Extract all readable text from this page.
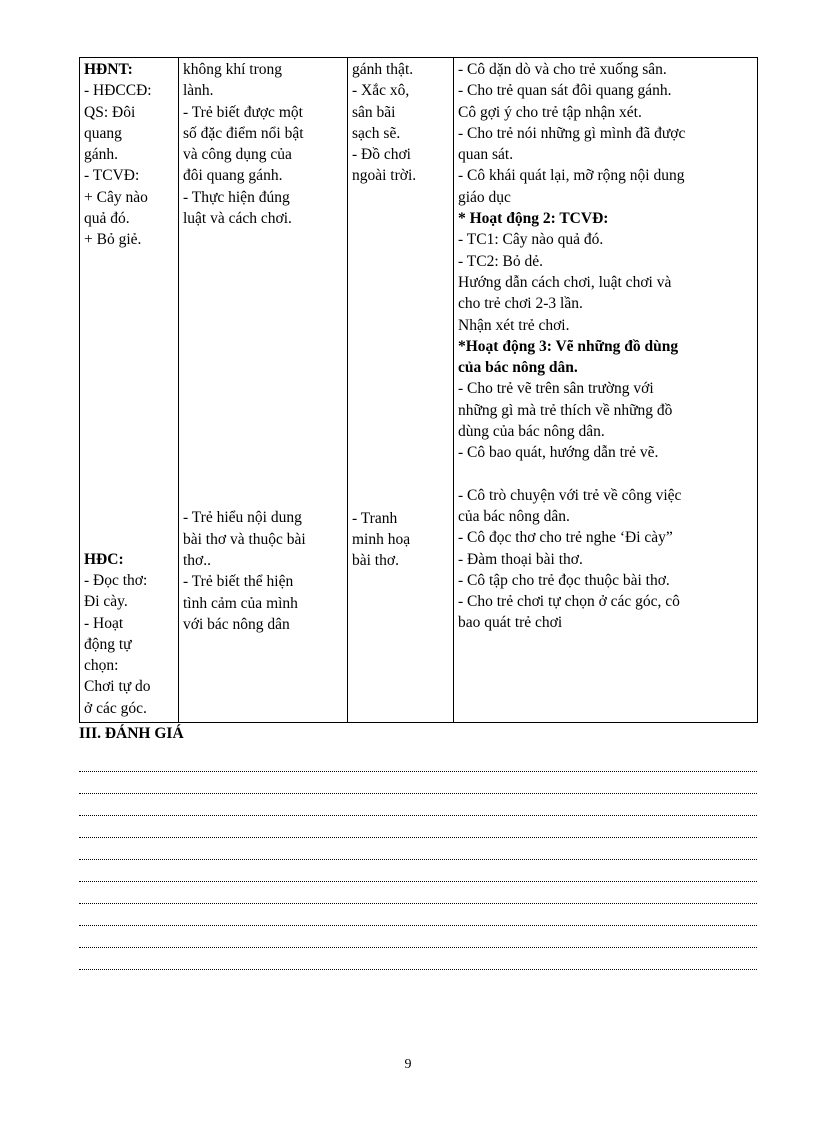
HĐNT:
- HĐCCĐ:
QS: Đôi
quang
gánh.
- TCVĐ:
+ Cây nào
quả đó.
+ Bỏ giẻ.
HĐC:
- Đọc thơ:
Đi cày.
- Hoạt
động tự
chọn:
Chơi tự do
ở các góc.

không khí trong
lành.
- Trẻ biết được một
số đặc điểm nổi bật
và công dụng của
đôi quang gánh.
- Thực hiện đúng
luật và cách chơi.
- Trẻ hiểu nội dung
bài thơ và thuộc bài
thơ..
- Trẻ biết thể hiện
tình cảm của mình
với bác nông dân

gánh thật.
- Xắc xô,
sân bãi
sạch sẽ.
- Đồ chơi
ngoài trời.
- Tranh
minh hoạ
bài thơ.

- Cô dặn dò và cho trẻ xuống sân.
- Cho trẻ quan sát đôi quang gánh.
Cô gợi ý cho trẻ tập nhận xét.
- Cho trẻ nói những gì mình đã được
quan sát.
- Cô khái quát lại, mỡ rộng nội dung
giáo dục
* Hoạt động 2: TCVĐ:
- TC1: Cây nào quả đó.
- TC2: Bỏ dẻ.
Hướng dẫn cách chơi, luật chơi và
cho trẻ chơi 2-3 lần.
Nhận xét trẻ chơi.
*Hoạt động 3: Vẽ những đồ dùng
của bác nông dân.
- Cho trẻ vẽ trên sân trường với
những gì mà trẻ thích về những đồ
dùng của bác nông dân.
- Cô bao quát, hướng dẫn trẻ vẽ.
- Cô trò chuyện với trẻ về công việc
của bác nông dân.
- Cô đọc thơ cho trẻ nghe ‘Đi cày”
- Đàm thoại bài thơ.
- Cô tập cho trẻ đọc thuộc bài thơ.
- Cho trẻ chơi tự chọn ở các góc, cô
bao quát trẻ chơi
III. ĐÁNH GIÁ
9
